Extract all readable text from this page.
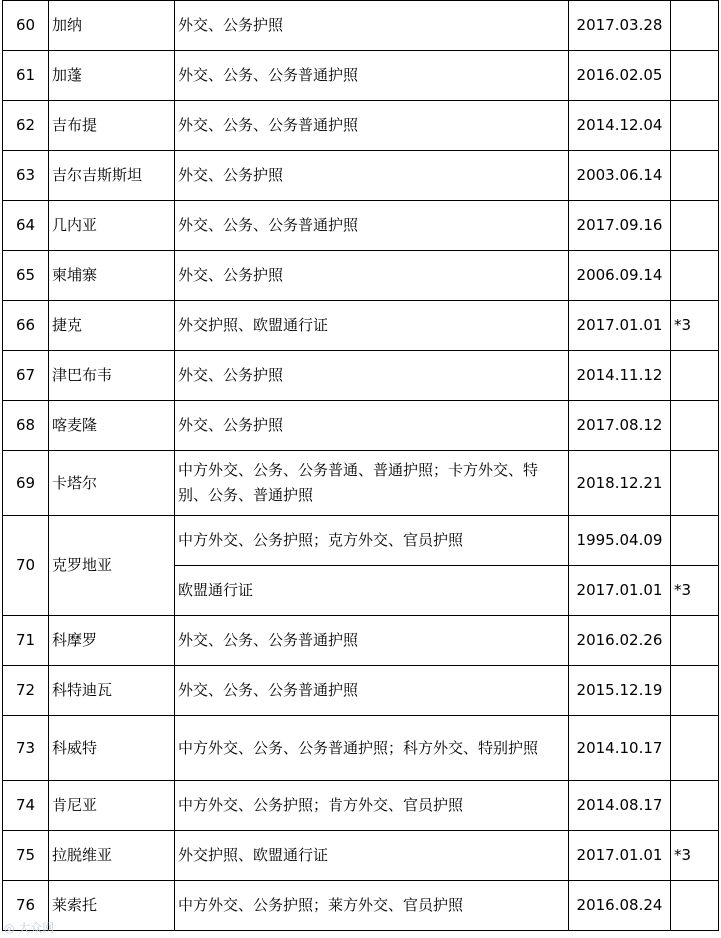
60	加纳	外交、公务护照	2017.03.28	
61	加蓬	外交、公务、公务普通护照	2016.02.05	
62	吉布提	外交、公务、公务普通护照	2014.12.04	
63	吉尔吉斯斯坦	外交、公务护照	2003.06.14	
64	几内亚	外交、公务、公务普通护照	2017.09.16	
65	柬埔寨	外交、公务护照	2006.09.14	
66	捷克	外交护照、欧盟通行证	2017.01.01	*3
67	津巴布韦	外交、公务护照	2014.11.12	
68	喀麦隆	外交、公务护照	2017.08.12	
69	卡塔尔	中方外交、公务、公务普通、普通护照；卡方外交、特别、公务、普通护照	2018.12.21	
70	克罗地亚	中方外交、公务护照；克方外交、官员护照	1995.04.09	
		欧盟通行证	2017.01.01	*3
71	科摩罗	外交、公务、公务普通护照	2016.02.26	
72	科特迪瓦	外交、公务、公务普通护照	2015.12.19	
73	科威特	中方外交、公务、公务普通护照；科方外交、特别护照	2014.10.17	
74	肯尼亚	中方外交、公务护照；肯方外交、官员护照	2014.08.17	
75	拉脱维亚	外交护照、欧盟通行证	2017.01.01	*3
76	莱索托	中方外交、公务护照；莱方外交、官员护照	2016.08.24	
◎ 大众网
